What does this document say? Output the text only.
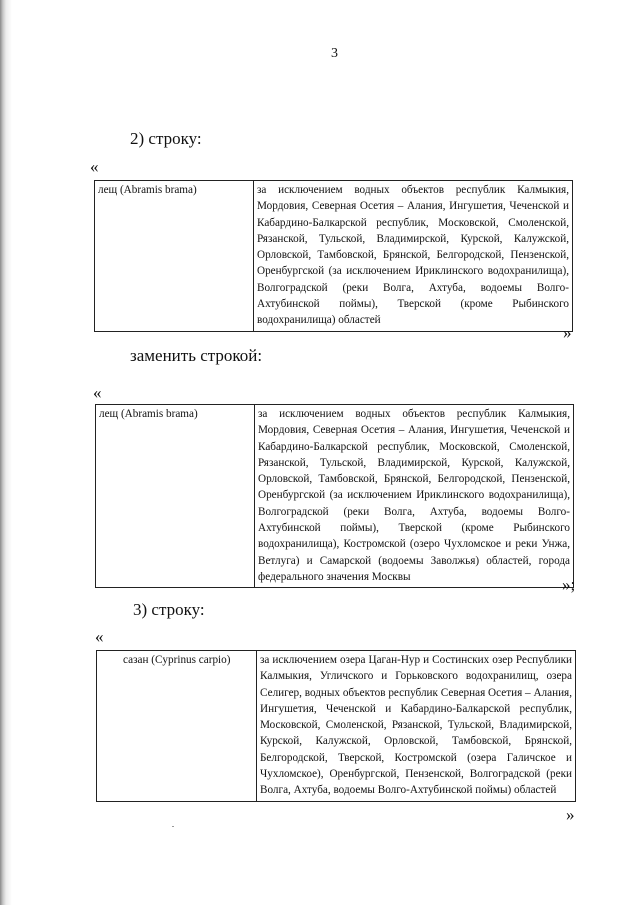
3
2) строку:
«
лещ (Abramis brama)	за исключением водных объектов республик Калмыкия, Мордовия, Северная Осетия – Алания, Ингушетия, Чеченской и Кабардино-Балкарской республик, Московской, Смоленской, Рязанской, Тульской, Владимирской, Курской, Калужской, Орловской, Тамбовской, Брянской, Белгородской, Пензенской, Оренбургской (за исключением Ириклинского водохранилища), Волгоградской (реки Волга, Ахтуба, водоемы Волго-Ахтубинской поймы), Тверской (кроме Рыбинского водохранилища) областей
»
заменить строкой:
«
лещ (Abramis brama)	за исключением водных объектов республик Калмыкия, Мордовия, Северная Осетия – Алания, Ингушетия, Чеченской и Кабардино-Балкарской республик, Московской, Смоленской, Рязанской, Тульской, Владимирской, Курской, Калужской, Орловской, Тамбовской, Брянской, Белгородской, Пензенской, Оренбургской (за исключением Ириклинского водохранилища), Волгоградской (реки Волга, Ахтуба, водоемы Волго-Ахтубинской поймы), Тверской (кроме Рыбинского водохранилища), Костромской (озеро Чухломское и реки Унжа, Ветлуга) и Самарской (водоемы Заволжья) областей, города федерального значения Москвы	»;
3) строку:
«
сазан (Cyprinus carpio)	за исключением озера Цаган-Нур и Состинских озер Республики Калмыкия, Угличского и Горьковского водохранилищ, озера Селигер, водных объектов республик Северная Осетия – Алания, Ингушетия, Чеченской и Кабардино-Балкарской республик, Московской, Смоленской, Рязанской, Тульской, Владимирской, Курской, Калужской, Орловской, Тамбовской, Брянской, Белгородской, Тверской, Костромской (озера Галичское и Чухломское), Оренбургской, Пензенской, Волгоградской (реки Волга, Ахтуба, водоемы Волго-Ахтубинской поймы) областей
»
